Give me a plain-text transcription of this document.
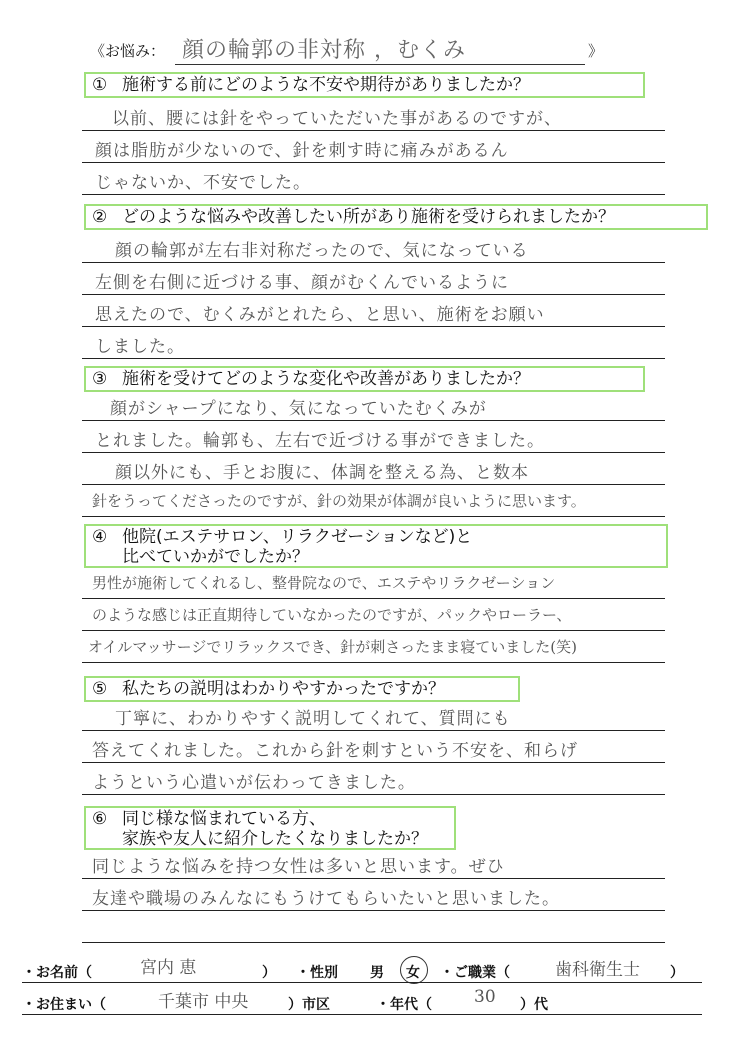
《お悩み： 顔の輪郭の非対称 ，むくみ	》
① 施術する前にどのような不安や期待がありましたか？
以前、腰には針をやっていただいた事があるのですが、
顔は脂肪が少ないので、針を刺す時に痛みがあるん
じゃないか、不安でした。
② どのような悩みや改善したい所があり施術を受けられましたか？
顔の輪郭が左右非対称だったので、気になっている
左側を右側に近づける事、顔がむくんでいるように
思えたので、むくみがとれたら、と思い、施術をお願い
しました。
③ 施術を受けてどのような変化や改善がありましたか？
顔がシャープになり、気になっていたむくみが
とれました。輪郭も、左右で近づける事ができました。
顔以外にも、手とお腹に、体調を整える為、と数本
針をうってくださったのですが、針の効果が体調が良いように思います。
④ 他院(エステサロン、リラクゼーションなど)と
比べていかがでしたか？
男性が施術してくれるし、整骨院なので、エステやリラクゼーション
のような感じは正直期待していなかったのですが、パックやローラー、
オイルマッサージでリラックスでき、針が刺さったまま寝ていました(笑)
⑤ 私たちの説明はわかりやすかったですか？
丁寧に、わかりやすく説明してくれて、質問にも
答えてくれました。これから針を刺すという不安を、和らげ
ようという心遣いが伝わってきました。
⑥ 同じ様な悩まれている方、
家族や友人に紹介したくなりましたか？
同じような悩みを持つ女性は多いと思います。ぜひ
友達や職場のみんなにもうけてもらいたいと思いました。
・お名前（	宮内 恵	） ・性別 男 女 ・ご職業（	歯科衛生士 ）
・お住まい（	千葉市 中央	）市区	・年代（ 30 ）代
